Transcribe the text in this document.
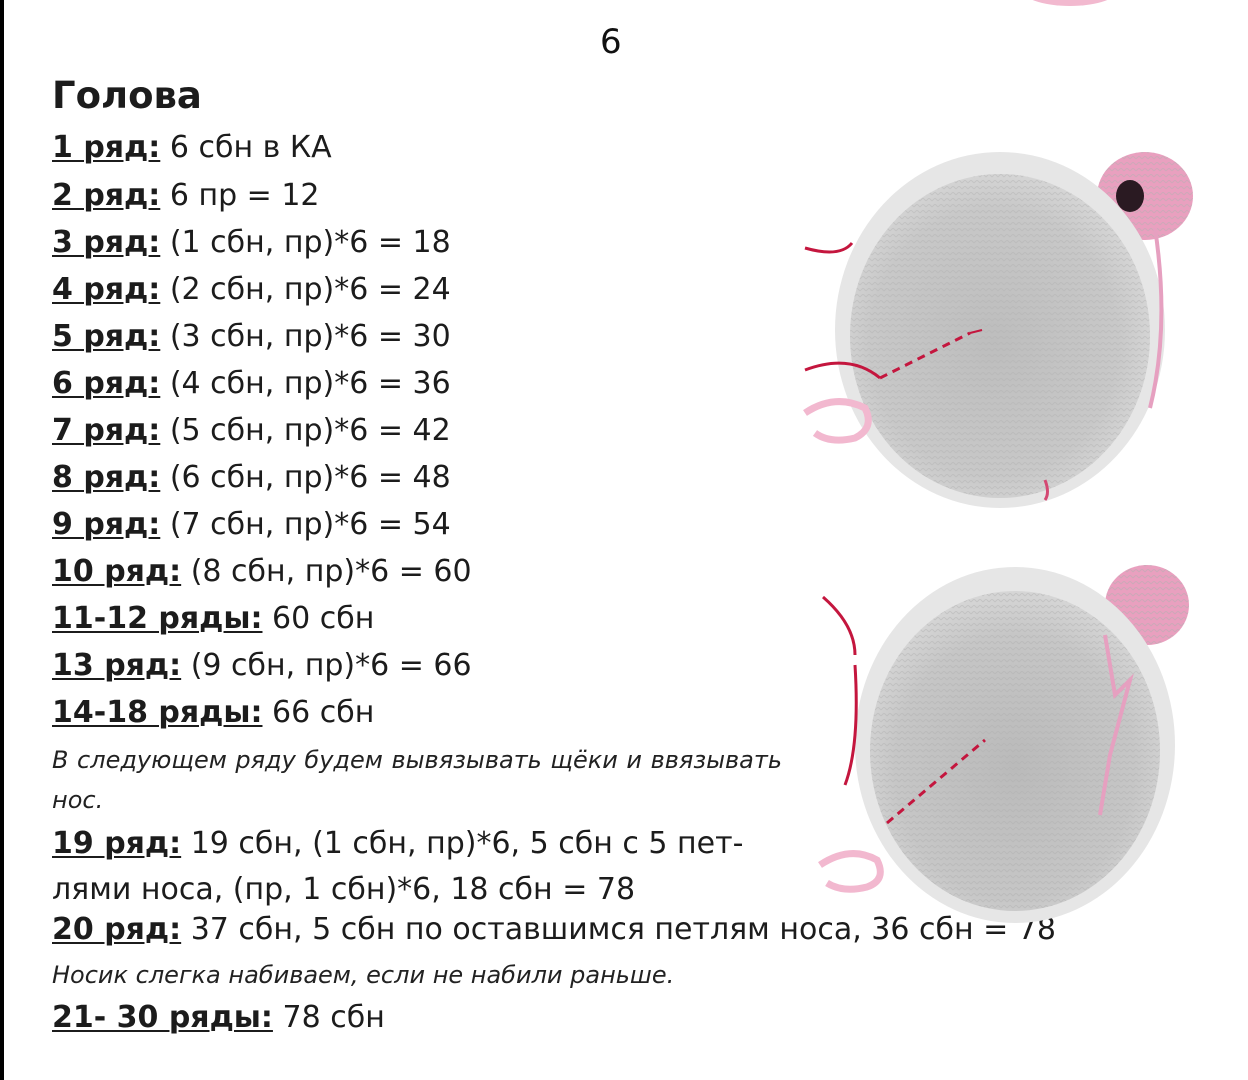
6
Голова
1 ряд: 6 сбн в КА
2 ряд: 6 пр = 12
3 ряд: (1 сбн, пр)*6 = 18
4 ряд: (2 сбн, пр)*6 = 24
5 ряд: (3 сбн, пр)*6 = 30
6 ряд: (4 сбн, пр)*6 = 36
7 ряд: (5 сбн, пр)*6 = 42
8 ряд: (6 сбн, пр)*6 = 48
9 ряд: (7 сбн, пр)*6 = 54
10 ряд: (8 сбн, пр)*6 = 60
11-12 ряды: 60 сбн
13 ряд: (9 сбн, пр)*6 = 66
14-18 ряды: 66 сбн
В следующем ряду будем вывязывать щёки и ввязывать нос.
19 ряд: 19 сбн, (1 сбн, пр)*6, 5 сбн с 5 пет-
лями носа, (пр, 1 сбн)*6, 18 сбн = 78
20 ряд: 37 сбн, 5 сбн по оставшимся петлям носа, 36 сбн = 78
Носик слегка набиваем, если не набили раньше.
21- 30 ряды: 78 сбн
